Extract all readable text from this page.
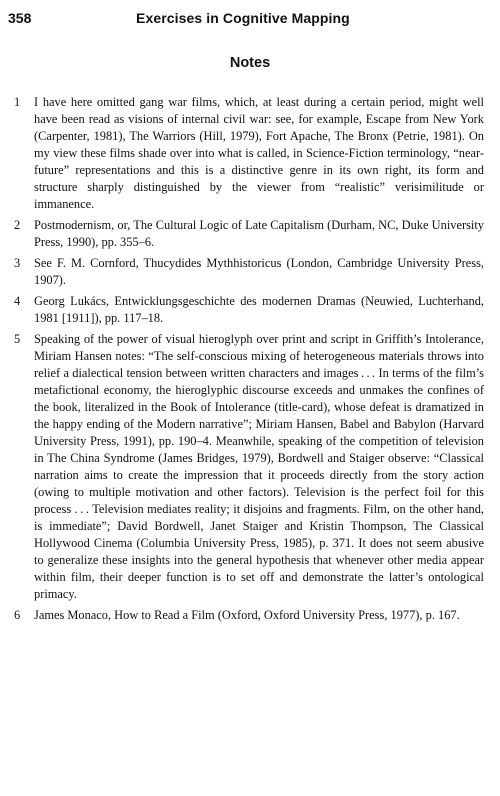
358	Exercises in Cognitive Mapping
Notes
1 I have here omitted gang war films, which, at least during a certain period, might well have been read as visions of internal civil war: see, for example, Escape from New York (Carpenter, 1981), The Warriors (Hill, 1979), Fort Apache, The Bronx (Petrie, 1981). On my view these films shade over into what is called, in Science-Fiction terminology, “near-future” representations and this is a distinctive genre in its own right, its form and structure sharply distinguished by the viewer from “realistic” verisimilitude or immanence.
2 Postmodernism, or, The Cultural Logic of Late Capitalism (Durham, NC, Duke University Press, 1990), pp. 355–6.
3 See F. M. Cornford, Thucydides Mythhistoricus (London, Cambridge University Press, 1907).
4 Georg Lukács, Entwicklungsgeschichte des modernen Dramas (Neuwied, Luchterhand, 1981 [1911]), pp. 117–18.
5 Speaking of the power of visual hieroglyph over print and script in Griffith’s Intolerance, Miriam Hansen notes: “The self-conscious mixing of heterogeneous materials throws into relief a dialectical tension between written characters and images . . . In terms of the film’s metafictional economy, the hieroglyphic discourse exceeds and unmakes the confines of the book, literalized in the Book of Intolerance (title-card), whose defeat is dramatized in the happy ending of the Modern narrative”; Miriam Hansen, Babel and Babylon (Harvard University Press, 1991), pp. 190–4. Meanwhile, speaking of the competition of television in The China Syndrome (James Bridges, 1979), Bordwell and Staiger observe: “Classical narration aims to create the impression that it proceeds directly from the story action (owing to multiple motivation and other factors). Television is the perfect foil for this process . . . Television mediates reality; it disjoins and fragments. Film, on the other hand, is immediate”; David Bordwell, Janet Staiger and Kristin Thompson, The Classical Hollywood Cinema (Columbia University Press, 1985), p. 371. It does not seem abusive to generalize these insights into the general hypothesis that whenever other media appear within film, their deeper function is to set off and demonstrate the latter’s ontological primacy.
6 James Monaco, How to Read a Film (Oxford, Oxford University Press, 1977), p. 167.
